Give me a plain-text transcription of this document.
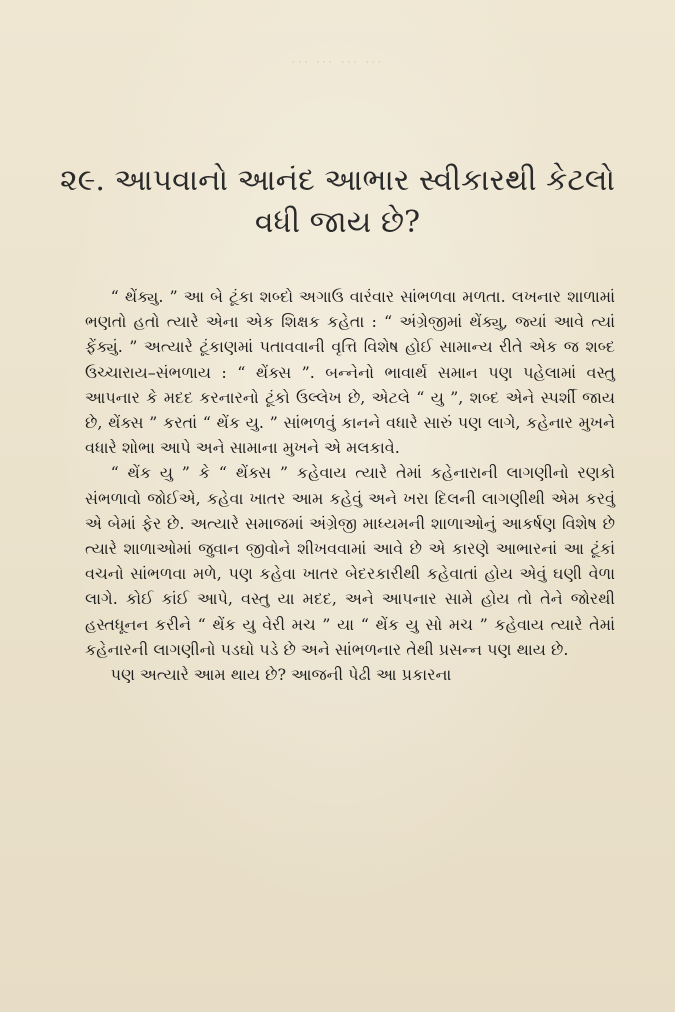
... ... ... ...
૨૯. આપવાનો આનંદ આભાર સ્વીકારથી કેટલો
વધી જાય છે?

“ થેંક્યુ. ” આ બે ટૂંકા શબ્દો અગાઉ વારંવાર સાંભળવા મળતા. લખનાર શાળામાં ભણતો હતો ત્યારે એના એક શિક્ષક કહેતા : “ અંગ્રેજીમાં થેંક્યુ, જ્યાં આવે ત્યાં ફેંક્યું. ” અત્યારે ટૂંકાણમાં પતાવવાની વૃત્તિ વિશેષ હોઈ સામાન્ય રીતે એક જ શબ્દ ઉચ્ચારાય–સંભળાય : “ થેંક્સ ”. બન્નેનો ભાવાર્થ સમાન પણ પહેલામાં વસ્તુ આપનાર કે મદદ કરનારનો ટૂંકો ઉલ્લેખ છે, એટલે “ યુ ”, શબ્દ એને સ્પર્શી જાય છે, થેંક્સ ” કરતાં “ થેંક યુ. ” સાંભળવું કાનને વધારે સારું પણ લાગે, કહેનાર મુખને વધારે શોભા આપે અને સામાના મુખને એ મલકાવે.

“ થેંક યુ ” કે “ થેંક્સ ” કહેવાય ત્યારે તેમાં કહેનારાની લાગણીનો રણકો સંભળાવો જોઈએ, કહેવા ખાતર આમ કહેવું અને ખરા દિલની લાગણીથી એમ કરવું એ બેમાં ફેર છે. અત્યારે સમાજમાં અંગ્રેજી માધ્યમની શાળાઓનું આકર્ષણ વિશેષ છે ત્યારે શાળાઓમાં જુવાન જીવોને શીખવવામાં આવે છે એ કારણે આભારનાં આ ટૂંકાં વચનો સાંભળવા મળે, પણ કહેવા ખાતર બેદરકારીથી કહેવાતાં હોય એવું ઘણી વેળા લાગે. કોઈ કાંઈ આપે, વસ્તુ યા મદદ, અને આપનાર સામે હોય તો તેને જોરથી હસ્તધૂનન કરીને “ થેંક યુ વેરી મચ ” યા “ થેંક યુ સો મચ ” કહેવાય ત્યારે તેમાં કહેનારની લાગણીનો પડઘો પડે છે અને સાંભળનાર તેથી પ્રસન્ન પણ થાય છે.

પણ અત્યારે આમ થાય છે? આજની પેઢી આ પ્રકારના
